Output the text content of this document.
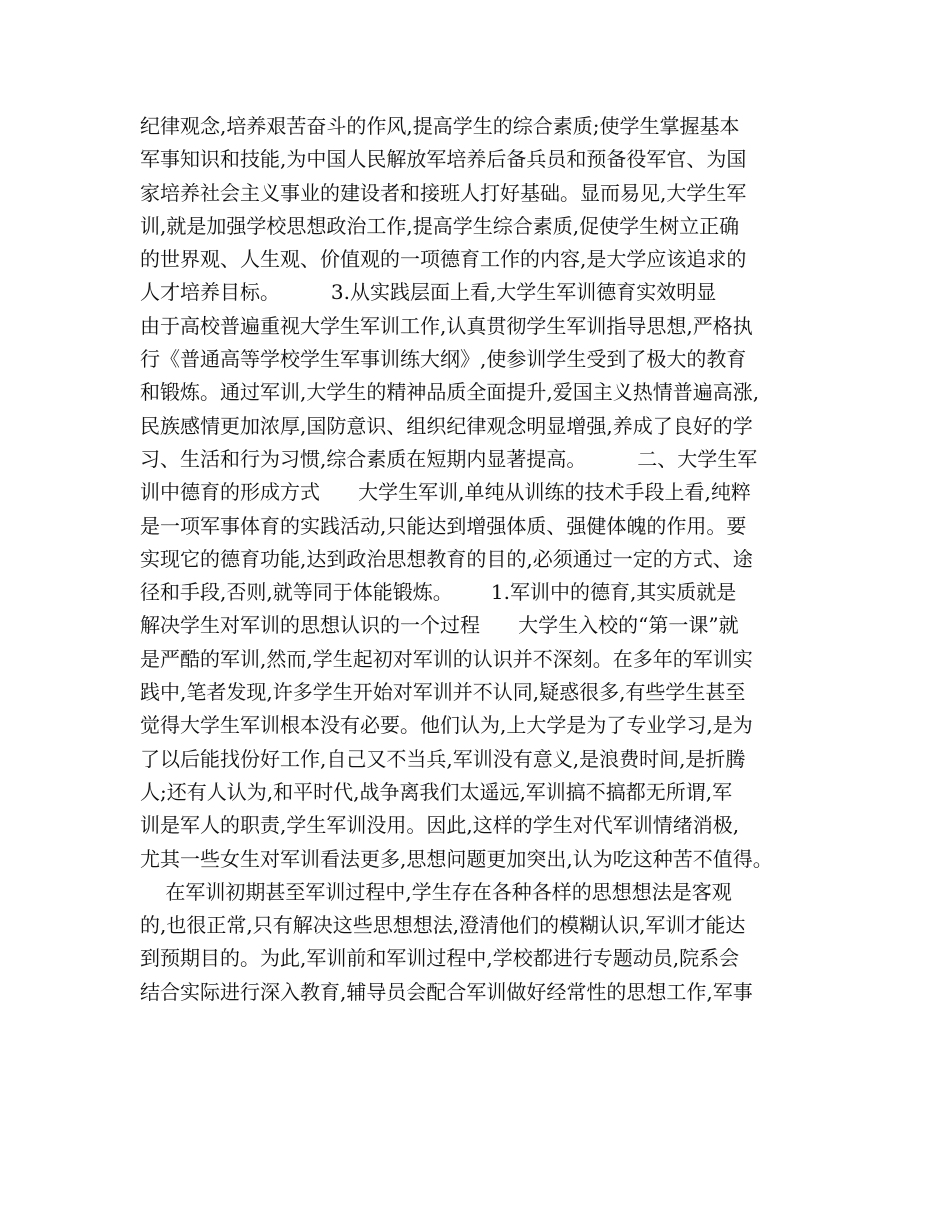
纪律观念,培养艰苦奋斗的作风,提高学生的综合素质;使学生掌握基本
军事知识和技能,为中国人民解放军培养后备兵员和预备役军官、为国
家培养社会主义事业的建设者和接班人打好基础。显而易见,大学生军
训,就是加强学校思想政治工作,提高学生综合素质,促使学生树立正确
的世界观、人生观、价值观的一项德育工作的内容,是大学应该追求的
人才培养目标。        3.从实践层面上看,大学生军训德育实效明显
由于高校普遍重视大学生军训工作,认真贯彻学生军训指导思想,严格执
行《普通高等学校学生军事训练大纲》,使参训学生受到了极大的教育
和锻炼。通过军训,大学生的精神品质全面提升,爱国主义热情普遍高涨,
民族感情更加浓厚,国防意识、组织纪律观念明显增强,养成了良好的学
习、生活和行为习惯,综合素质在短期内显著提高。        二、大学生军
训中德育的形成方式      大学生军训,单纯从训练的技术手段上看,纯粹
是一项军事体育的实践活动,只能达到增强体质、强健体魄的作用。要
实现它的德育功能,达到政治思想教育的目的,必须通过一定的方式、途
径和手段,否则,就等同于体能锻炼。      1.军训中的德育,其实质就是
解决学生对军训的思想认识的一个过程      大学生入校的“第一课”就
是严酷的军训,然而,学生起初对军训的认识并不深刻。在多年的军训实
践中,笔者发现,许多学生开始对军训并不认同,疑惑很多,有些学生甚至
觉得大学生军训根本没有必要。他们认为,上大学是为了专业学习,是为
了以后能找份好工作,自己又不当兵,军训没有意义,是浪费时间,是折腾
人;还有人认为,和平时代,战争离我们太遥远,军训搞不搞都无所谓,军
训是军人的职责,学生军训没用。因此,这样的学生对代军训情绪消极,
尤其一些女生对军训看法更多,思想问题更加突出,认为吃这种苦不值得。
在军训初期甚至军训过程中,学生存在各种各样的思想想法是客观
的,也很正常,只有解决这些思想想法,澄清他们的模糊认识,军训才能达
到预期目的。为此,军训前和军训过程中,学校都进行专题动员,院系会
结合实际进行深入教育,辅导员会配合军训做好经常性的思想工作,军事
